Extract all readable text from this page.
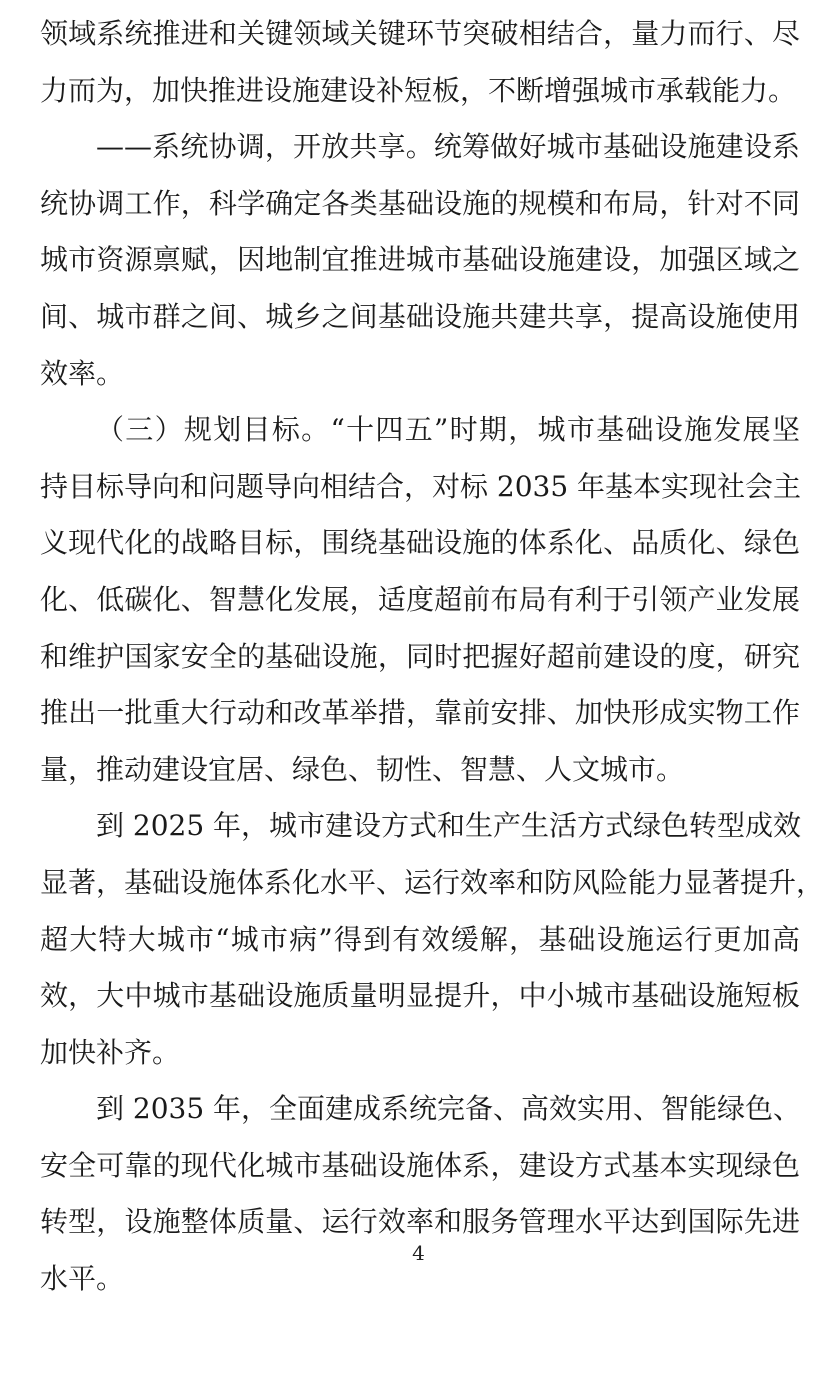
领域系统推进和关键领域关键环节突破相结合，量力而行、尽
力而为，加快推进设施建设补短板，不断增强城市承载能力。
——系统协调，开放共享。统筹做好城市基础设施建设系
统协调工作，科学确定各类基础设施的规模和布局，针对不同
城市资源禀赋，因地制宜推进城市基础设施建设，加强区域之
间、城市群之间、城乡之间基础设施共建共享，提高设施使用
效率。
（三）规划目标。“十四五”时期，城市基础设施发展坚
持目标导向和问题导向相结合，对标 2035 年基本实现社会主
义现代化的战略目标，围绕基础设施的体系化、品质化、绿色
化、低碳化、智慧化发展，适度超前布局有利于引领产业发展
和维护国家安全的基础设施，同时把握好超前建设的度，研究
推出一批重大行动和改革举措，靠前安排、加快形成实物工作
量，推动建设宜居、绿色、韧性、智慧、人文城市。
到 2025 年，城市建设方式和生产生活方式绿色转型成效
显著，基础设施体系化水平、运行效率和防风险能力显著提升，
超大特大城市“城市病”得到有效缓解，基础设施运行更加高
效，大中城市基础设施质量明显提升，中小城市基础设施短板
加快补齐。
到 2035 年，全面建成系统完备、高效实用、智能绿色、
安全可靠的现代化城市基础设施体系，建设方式基本实现绿色
转型，设施整体质量、运行效率和服务管理水平达到国际先进
水平。
4
